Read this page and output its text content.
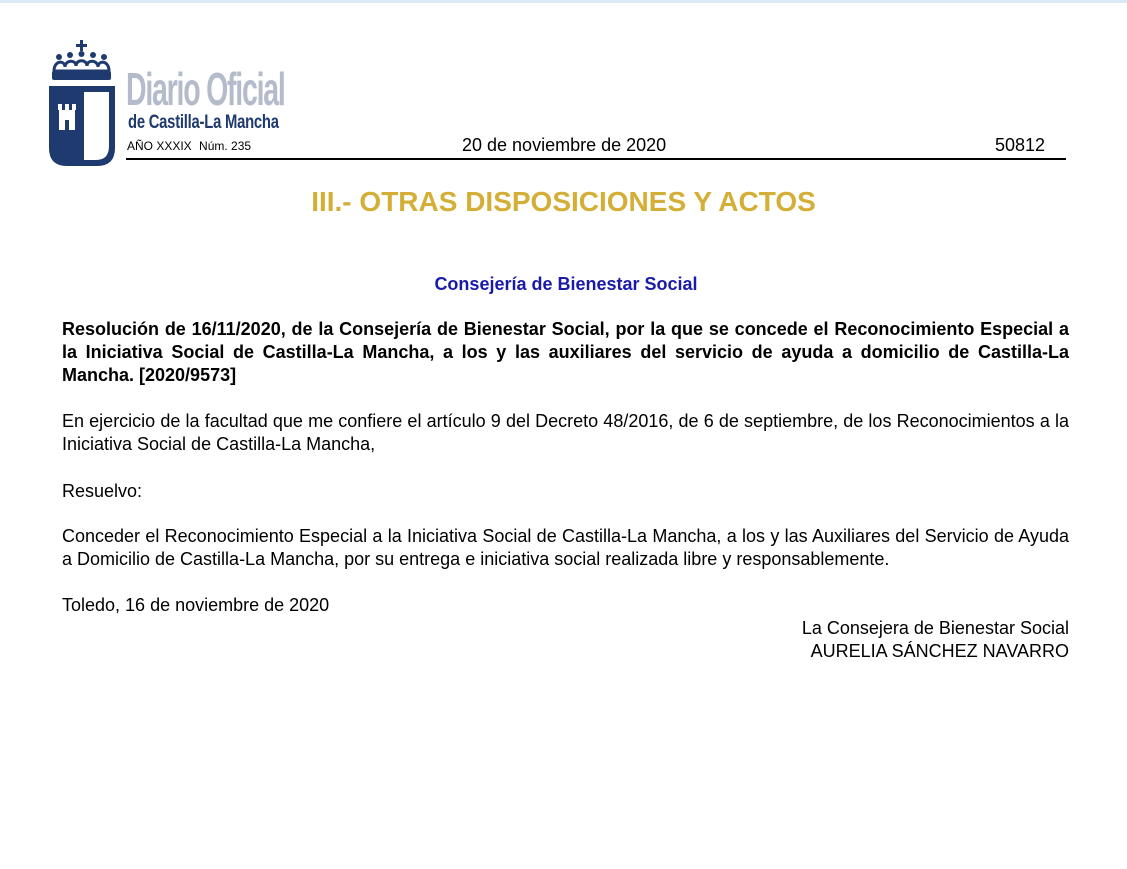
Diario Oficial
de Castilla-La Mancha
AÑO XXXIX Núm. 235	20 de noviembre de 2020	50812
III.- OTRAS DISPOSICIONES Y ACTOS
Consejería de Bienestar Social

Resolución de 16/11/2020, de la Consejería de Bienestar Social, por la que se concede el Reconocimiento Especial a la Iniciativa Social de Castilla-La Mancha, a los y las auxiliares del servicio de ayuda a domicilio de Castilla-La Mancha. [2020/9573]

En ejercicio de la facultad que me confiere el artículo 9 del Decreto 48/2016, de 6 de septiembre, de los Reconocimientos a la Iniciativa Social de Castilla-La Mancha,

Resuelvo:

Conceder el Reconocimiento Especial a la Iniciativa Social de Castilla-La Mancha, a los y las Auxiliares del Servicio de Ayuda a Domicilio de Castilla-La Mancha, por su entrega e iniciativa social realizada libre y responsablemente.

Toledo, 16 de noviembre de 2020

La Consejera de Bienestar Social
AURELIA SÁNCHEZ NAVARRO
